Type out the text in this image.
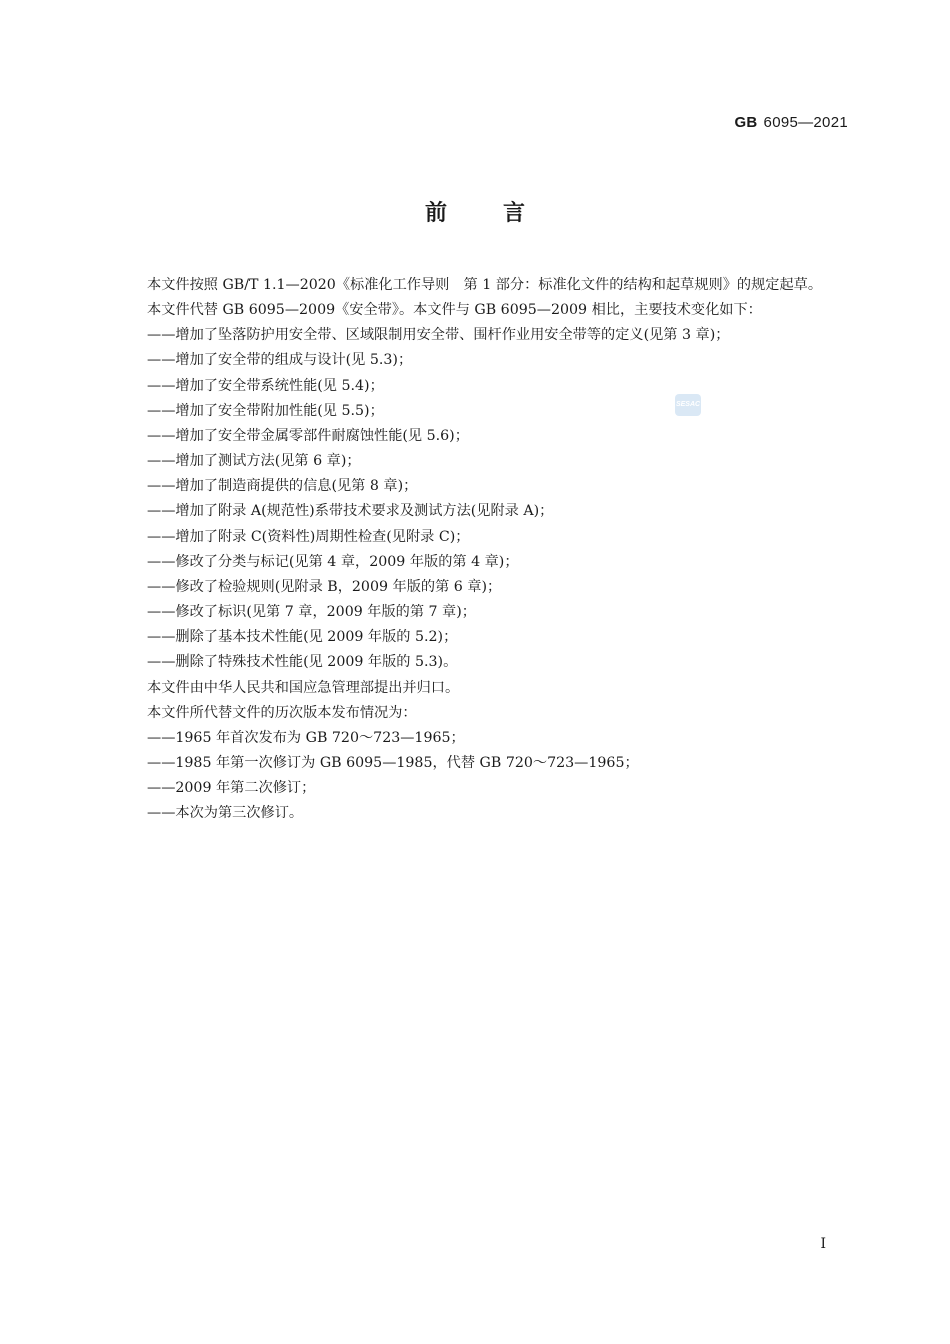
GB 6095—2021
前	言
SESAC

本文件按照 GB/T 1.1—2020《标准化工作导则　第 1 部分：标准化文件的结构和起草规则》的规定起草。

本文件代替 GB 6095—2009《安全带》。本文件与 GB 6095—2009 相比，主要技术变化如下：

——增加了坠落防护用安全带、区域限制用安全带、围杆作业用安全带等的定义(见第 3 章)；

——增加了安全带的组成与设计(见 5.3)；

——增加了安全带系统性能(见 5.4)；

——增加了安全带附加性能(见 5.5)；

——增加了安全带金属零部件耐腐蚀性能(见 5.6)；

——增加了测试方法(见第 6 章)；

——增加了制造商提供的信息(见第 8 章)；

——增加了附录 A(规范性)系带技术要求及测试方法(见附录 A)；

——增加了附录 C(资料性)周期性检查(见附录 C)；

——修改了分类与标记(见第 4 章，2009 年版的第 4 章)；

——修改了检验规则(见附录 B，2009 年版的第 6 章)；

——修改了标识(见第 7 章，2009 年版的第 7 章)；

——删除了基本技术性能(见 2009 年版的 5.2)；

——删除了特殊技术性能(见 2009 年版的 5.3)。

本文件由中华人民共和国应急管理部提出并归口。

本文件所代替文件的历次版本发布情况为：

——1965 年首次发布为 GB 720～723—1965；

——1985 年第一次修订为 GB 6095—1985，代替 GB 720～723—1965；

——2009 年第二次修订；

——本次为第三次修订。

I
